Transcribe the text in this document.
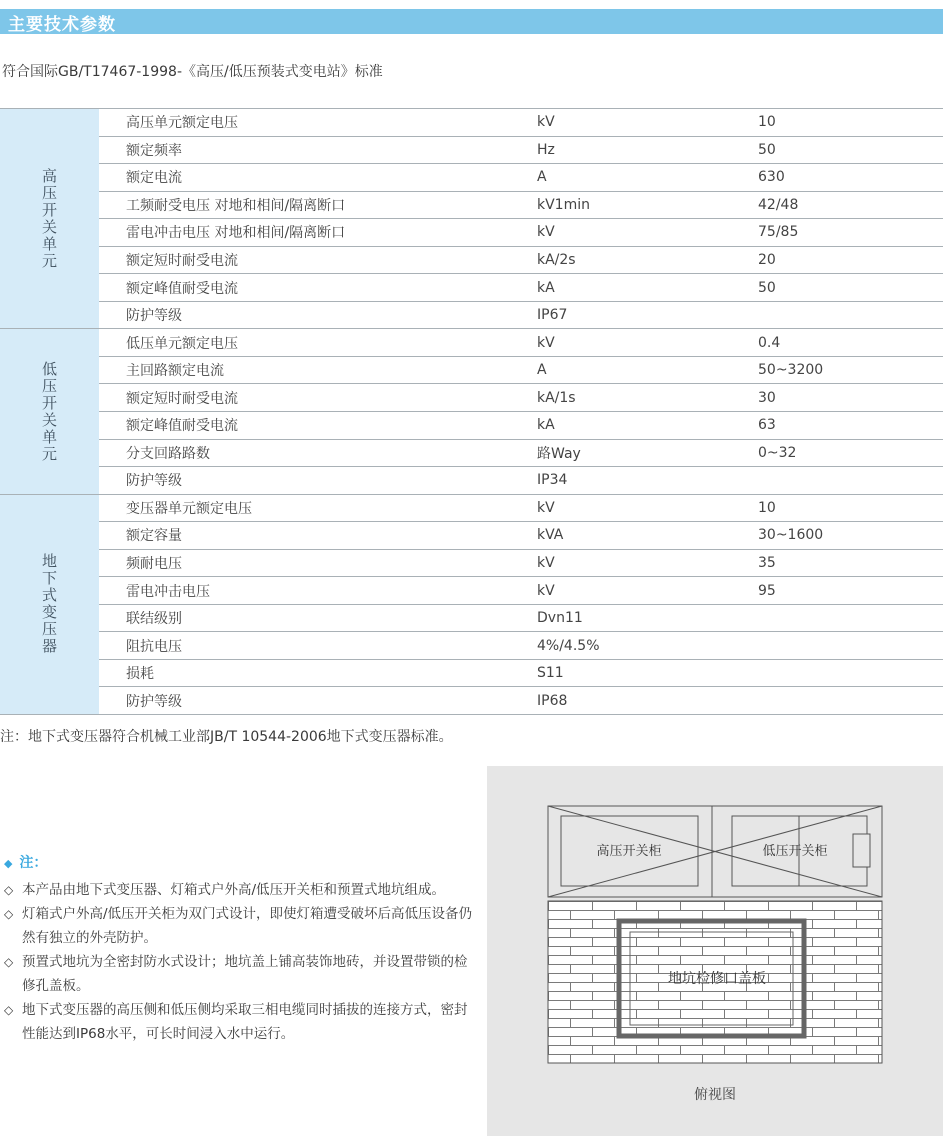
主要技术参数
符合国际GB/T17467-1998-《高压/低压预装式变电站》标准
高压开关单元	高压单元额定电压	kV	10
	额定频率	Hz	50
	额定电流	A	630
	工频耐受电压 对地和相间/隔离断口	kV1min	42/48
	雷电冲击电压 对地和相间/隔离断口	kV	75/85
	额定短时耐受电流	kA/2s	20
	额定峰值耐受电流	kA	50
	防护等级	IP67	
低压开关单元	低压单元额定电压	kV	0.4
	主回路额定电流	A	50~3200
	额定短时耐受电流	kA/1s	30
	额定峰值耐受电流	kA	63
	分支回路路数	路Way	0~32
	防护等级	IP34	
地下式变压器	变压器单元额定电压	kV	10
	额定容量	kVA	30~1600
	频耐电压	kV	35
	雷电冲击电压	kV	95
	联结级别	Dvn11	
	阻抗电压	4%/4.5%	
	损耗	S11	
	防护等级	IP68	
注：地下式变压器符合机械工业部JB/T 10544-2006地下式变压器标准。
◆ 注：
◇ 本产品由地下式变压器、灯箱式户外高/低压开关柜和预置式地坑组成。
◇ 灯箱式户外高/低压开关柜为双门式设计，即使灯箱遭受破坏后高低压设备仍然有独立的外壳防护。
◇ 预置式地坑为全密封防水式设计；地坑盖上铺高装饰地砖，并设置带锁的检修孔盖板。
◇ 地下式变压器的高压侧和低压侧均采取三相电缆同时插拔的连接方式，密封性能达到IP68水平，可长时间浸入水中运行。
高压开关柜	低压开关柜
地坑检修口盖板
俯视图
